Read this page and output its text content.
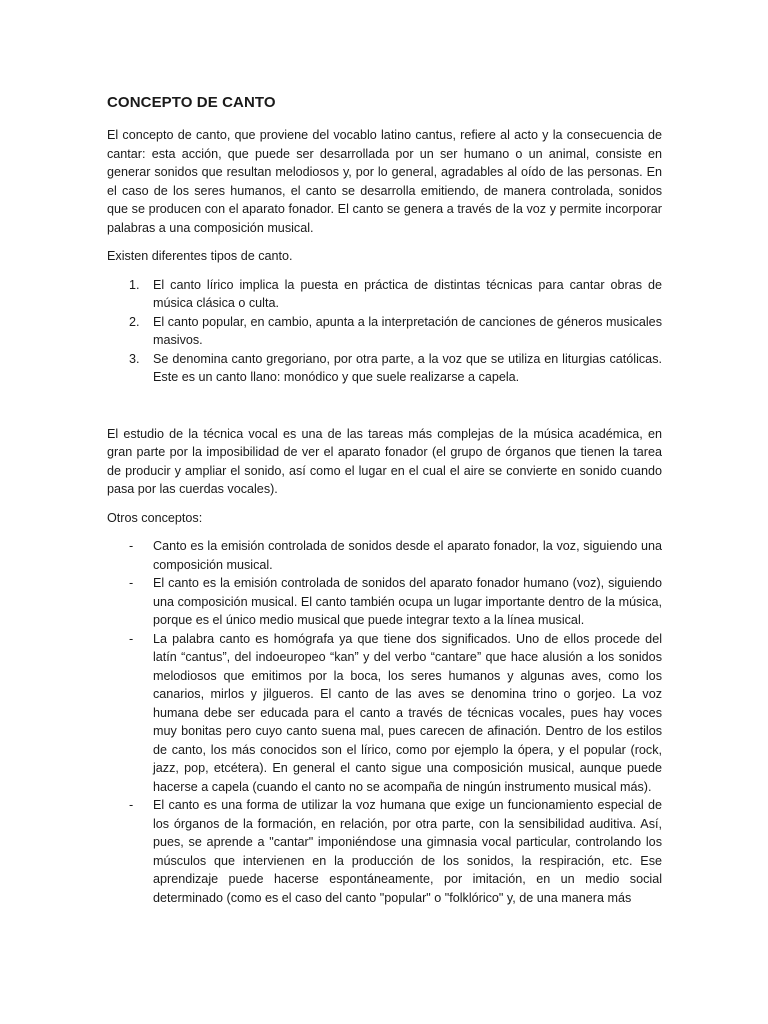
CONCEPTO DE CANTO

El concepto de canto, que proviene del vocablo latino cantus, refiere al acto y la consecuencia de cantar: esta acción, que puede ser desarrollada por un ser humano o un animal, consiste en generar sonidos que resultan melodiosos y, por lo general, agradables al oído de las personas. En el caso de los seres humanos, el canto se desarrolla emitiendo, de manera controlada, sonidos que se producen con el aparato fonador. El canto se genera a través de la voz y permite incorporar palabras a una composición musical.

Existen diferentes tipos de canto.

1. El canto lírico implica la puesta en práctica de distintas técnicas para cantar obras de música clásica o culta.
2. El canto popular, en cambio, apunta a la interpretación de canciones de géneros musicales masivos.
3. Se denomina canto gregoriano, por otra parte, a la voz que se utiliza en liturgias católicas. Este es un canto llano: monódico y que suele realizarse a capela.

El estudio de la técnica vocal es una de las tareas más complejas de la música académica, en gran parte por la imposibilidad de ver el aparato fonador (el grupo de órganos que tienen la tarea de producir y ampliar el sonido, así como el lugar en el cual el aire se convierte en sonido cuando pasa por las cuerdas vocales).

Otros conceptos:

- Canto es la emisión controlada de sonidos desde el aparato fonador, la voz, siguiendo una composición musical.
- El canto es la emisión controlada de sonidos del aparato fonador humano (voz), siguiendo una composición musical. El canto también ocupa un lugar importante dentro de la música, porque es el único medio musical que puede integrar texto a la línea musical.
- La palabra canto es homógrafa ya que tiene dos significados. Uno de ellos procede del latín “cantus”, del indoeuropeo “kan” y del verbo “cantare” que hace alusión a los sonidos melodiosos que emitimos por la boca, los seres humanos y algunas aves, como los canarios, mirlos y jilgueros. El canto de las aves se denomina trino o gorjeo. La voz humana debe ser educada para el canto a través de técnicas vocales, pues hay voces muy bonitas pero cuyo canto suena mal, pues carecen de afinación. Dentro de los estilos de canto, los más conocidos son el lírico, como por ejemplo la ópera, y el popular (rock, jazz, pop, etcétera). En general el canto sigue una composición musical, aunque puede hacerse a capela (cuando el canto no se acompaña de ningún instrumento musical más).
- El canto es una forma de utilizar la voz humana que exige un funcionamiento especial de los órganos de la formación, en relación, por otra parte, con la sensibilidad auditiva. Así, pues, se aprende a "cantar" imponiéndose una gimnasia vocal particular, controlando los músculos que intervienen en la producción de los sonidos, la respiración, etc. Ese aprendizaje puede hacerse espontáneamente, por imitación, en un medio social determinado (como es el caso del canto "popular" o "folklórico" y, de una manera más
